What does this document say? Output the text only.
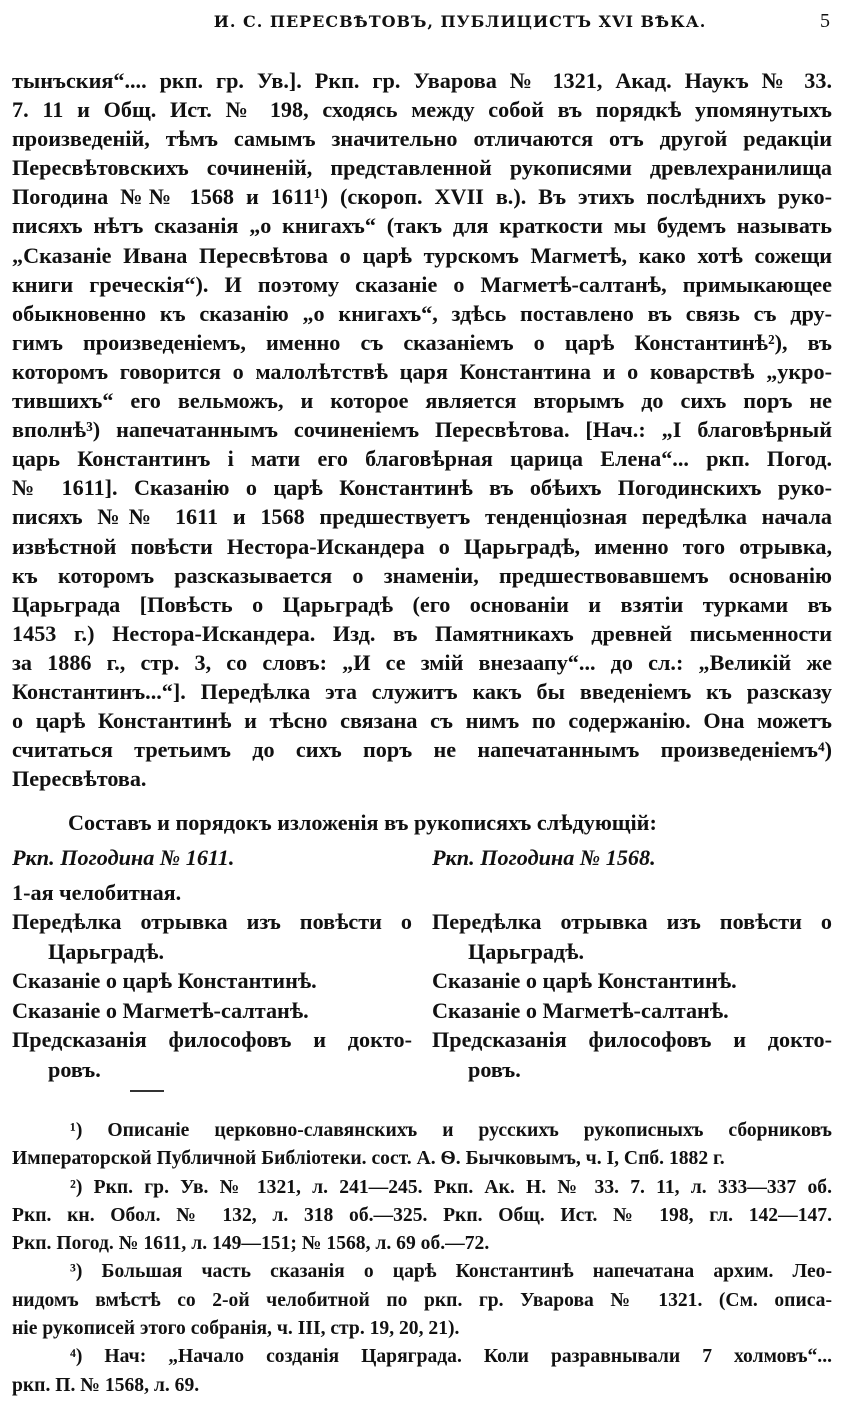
И. С. ПЕРЕСВѢТОВЪ, ПУБЛИЦИСТЪ XVI ВѢКА.	5
тынъския“.... ркп. гр. Ув.]. Ркп. гр. Уварова № 1321, Акад. Наукъ № 33.
7. 11 и Общ. Ист. № 198, сходясь между собой въ порядкѣ упомянутыхъ
произведеній, тѣмъ самымъ значительно отличаются отъ другой редакціи
Пересвѣтовскихъ сочиненій, представленной рукописями древлехранилища
Погодина №№ 1568 и 1611¹) (скороп. XVII в.). Въ этихъ послѣднихъ руко-
писяхъ нѣтъ сказанія „о книгахъ“ (такъ для краткости мы будемъ называть
„Сказаніе Ивана Пересвѣтова о царѣ турскомъ Магметѣ, како хотѣ сожещи
книги греческія“). И поэтому сказаніе о Магметѣ-салтанѣ, примыкающее
обыкновенно къ сказанію „о книгахъ“, здѣсь поставлено въ связь съ дру-
гимъ произведеніемъ, именно съ сказаніемъ о царѣ Константинѣ²), въ
которомъ говорится о малолѣтствѣ царя Константина и о коварствѣ „укро-
тившихъ“ его вельможъ, и которое является вторымъ до сихъ поръ не
вполнѣ³) напечатаннымъ сочиненіемъ Пересвѣтова. [Нач.: „І благовѣрный
царь Константинъ і мати его благовѣрная царица Елена“... ркп. Погод.
№ 1611]. Сказанію о царѣ Константинѣ въ обѣихъ Погодинскихъ руко-
писяхъ №№ 1611 и 1568 предшествуетъ тенденціозная передѣлка начала
извѣстной повѣсти Нестора-Искандера о Царьградѣ, именно того отрывка,
къ которомъ разсказывается о знаменіи, предшествовавшемъ основанію
Царьграда [Повѣсть о Царьградѣ (его основаніи и взятіи турками въ
1453 г.) Нестора-Искандера. Изд. въ Памятникахъ древней письменности
за 1886 г., стр. 3, со словъ: „И се змій внезаапу“... до сл.: „Великій же
Константинъ...“]. Передѣлка эта служитъ какъ бы введеніемъ къ разсказу
о царѣ Константинѣ и тѣсно связана съ нимъ по содержанію. Она можетъ
считаться третьимъ до сихъ поръ не напечатаннымъ произведеніемъ⁴)
Пересвѣтова.
Составъ и порядокъ изложенія въ рукописяхъ слѣдующій:
Ркп. Погодина № 1611.
1-ая челобитная.
Передѣлка отрывка изъ повѣсти о
Царьградѣ.
Сказаніе о царѣ Константинѣ.
Сказаніе о Магметѣ-салтанѣ.
Предсказанія философовъ и докто-
ровъ.
Ркп. Погодина № 1568.
Передѣлка отрывка изъ повѣсти о
Царьградѣ.
Сказаніе о царѣ Константинѣ.
Сказаніе о Магметѣ-салтанѣ.
Предсказанія философовъ и докто-
ровъ.
¹) Описаніе церковно-славянскихъ и русскихъ рукописныхъ сборниковъ
Императорской Публичной Библіотеки. сост. А. Ѳ. Бычковымъ, ч. I, Спб. 1882 г.
²) Ркп. гр. Ув. № 1321, л. 241—245. Ркп. Ак. Н. № 33. 7. 11, л. 333—337 об.
Ркп. кн. Обол. № 132, л. 318 об.—325. Ркп. Общ. Ист. № 198, гл. 142—147.
Ркп. Погод. № 1611, л. 149—151; № 1568, л. 69 об.—72.
³) Большая часть сказанія о царѣ Константинѣ напечатана архим. Лео-
нидомъ вмѣстѣ со 2-ой челобитной по ркп. гр. Уварова № 1321. (См. описа-
ніе рукописей этого собранія, ч. III, стр. 19, 20, 21).
⁴) Нач: „Начало созданія Царяграда. Коли разравнывали 7 холмовъ“...
ркп. П. № 1568, л. 69.
